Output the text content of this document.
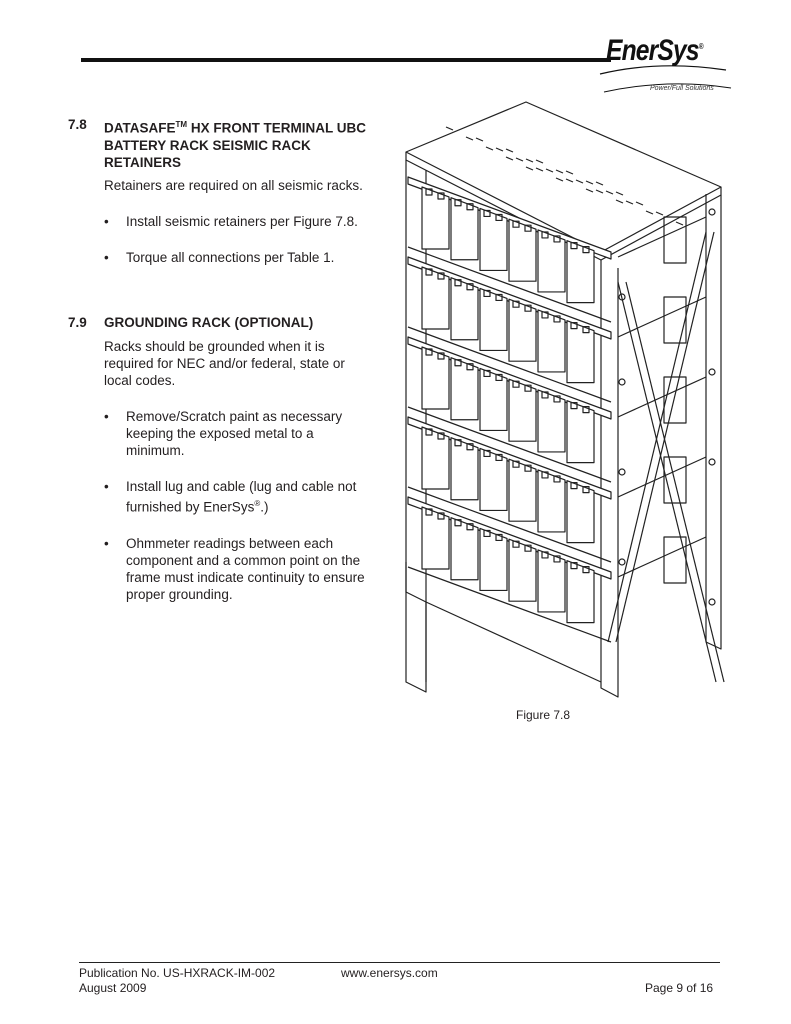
EnerSys®
Power/Full Solutions
7.8	DATASAFE™ HX FRONT TERMINAL UBC BATTERY RACK SEISMIC RACK RETAINERS
Retainers are required on all seismic racks.
•	Install seismic retainers per Figure 7.8.
•	Torque all connections per Table 1.
7.9	GROUNDING RACK (OPTIONAL)
Racks should be grounded when it is required for NEC and/or federal, state or local codes.
•	Remove/Scratch paint as necessary keeping the exposed metal to a minimum.
•	Install lug and cable (lug and cable not furnished by EnerSys®.)
•	Ohmmeter readings between each component and a common point on the frame must indicate continuity to ensure proper grounding.
Figure 7.8
Publication No. US-HXRACK-IM-002
August 2009
www.enersys.com
Page 9 of 16
